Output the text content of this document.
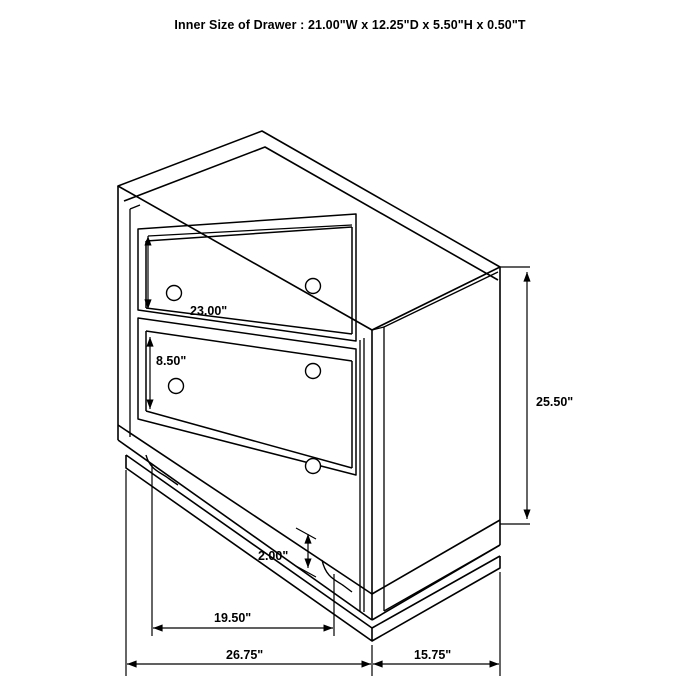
Inner Size of Drawer : 21.00"W x 12.25"D x 5.50"H x 0.50"T
23.00"
8.50"
25.50"
2.00"
19.50"
26.75"	15.75"
